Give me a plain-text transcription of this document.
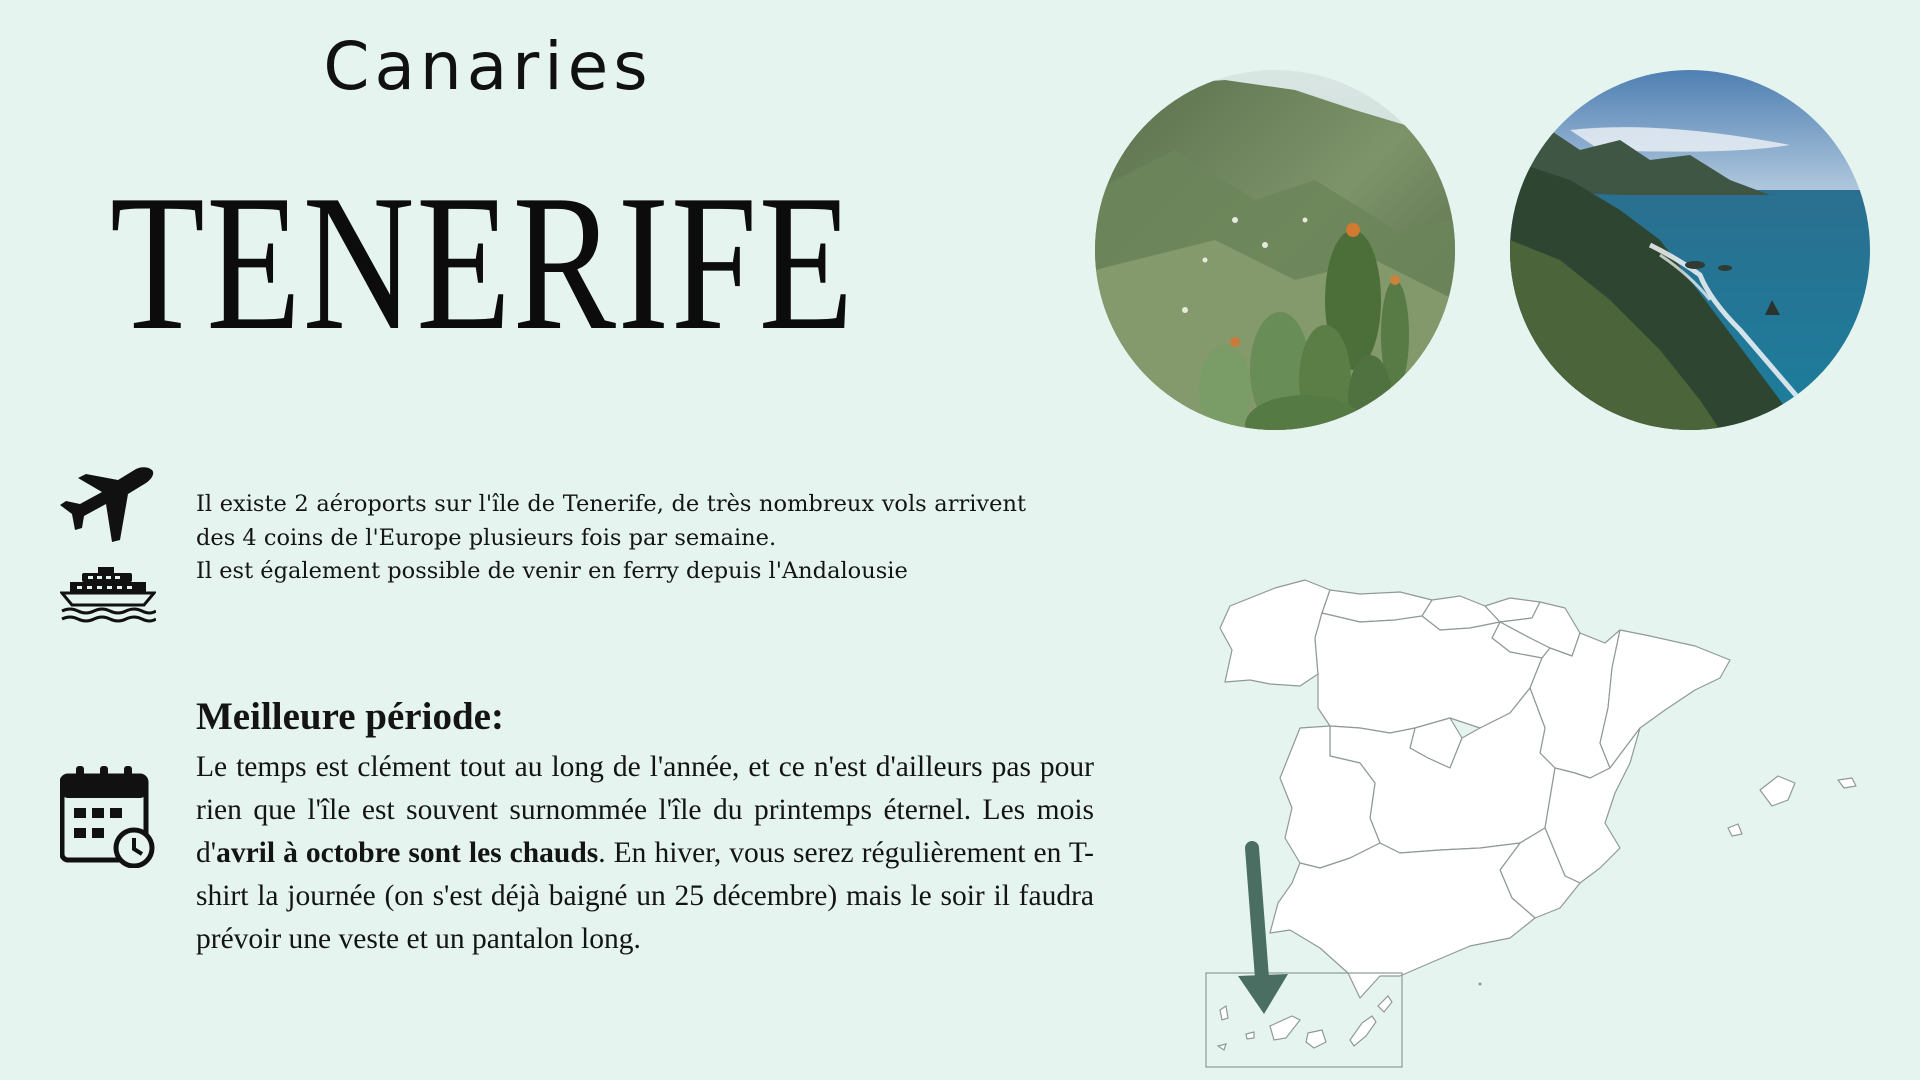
Canaries
TENERIFE

Il existe 2 aéroports sur l'île de Tenerife, de très nombreux vols arrivent des 4 coins de l'Europe plusieurs fois par semaine.

Il est également possible de venir en ferry depuis l'Andalousie

Meilleure période:
Le temps est clément tout au long de l'année, et ce n'est d'ailleurs pas pour rien que l'île est souvent surnommée l'île du printemps éternel. Les mois d'avril à octobre sont les chauds. En hiver, vous serez régulièrement en T-shirt la journée (on s'est déjà baigné un 25 décembre) mais le soir il faudra prévoir une veste et un pantalon long.
